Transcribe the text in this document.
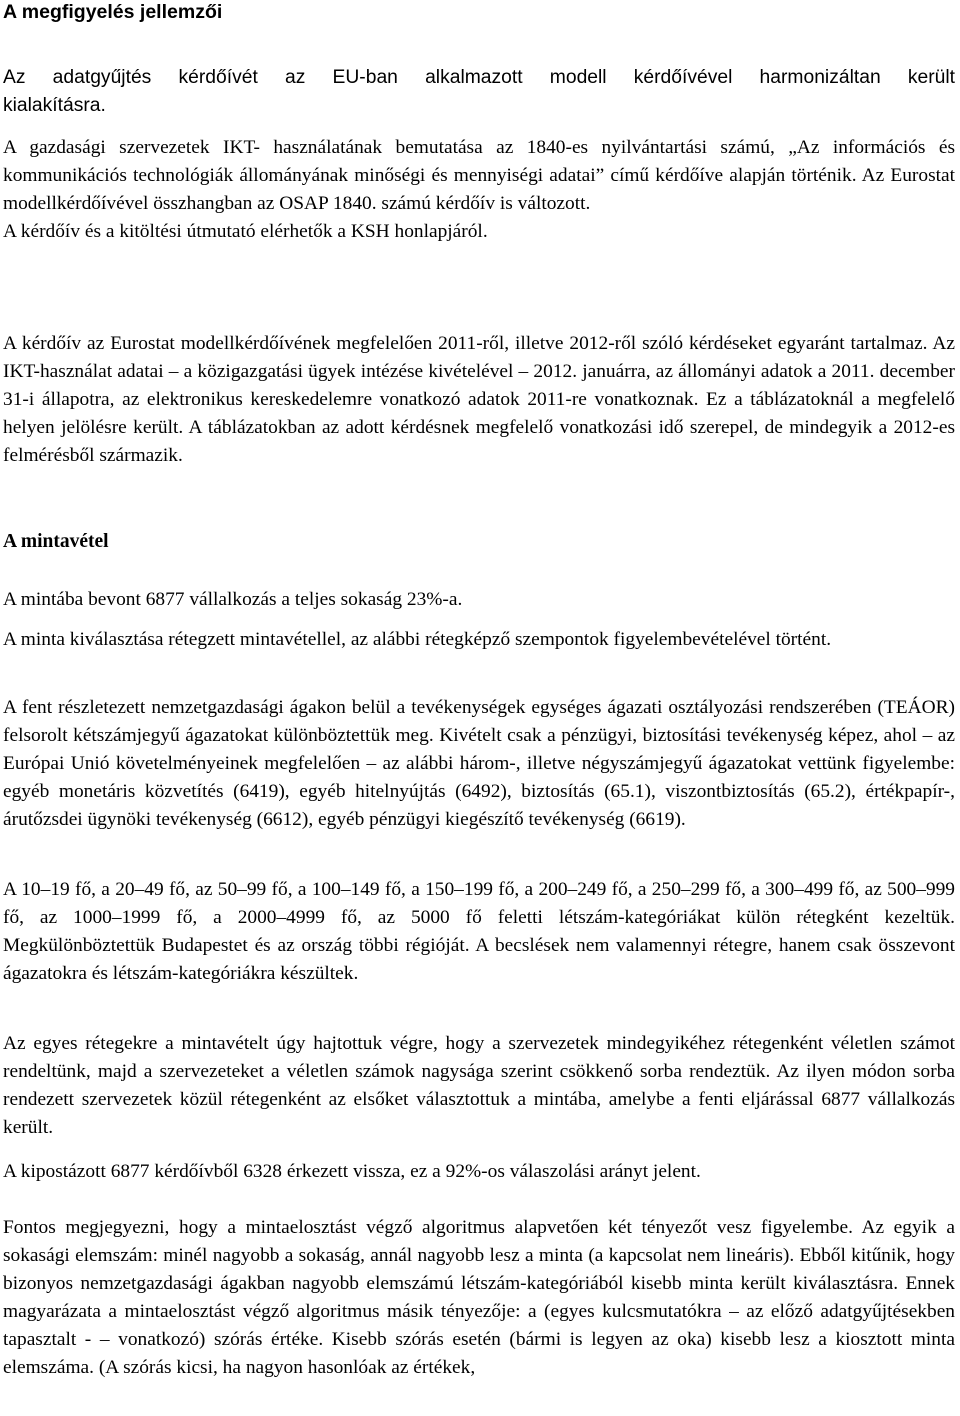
A megfigyelés jellemzői

Az adatgyűjtés kérdőívét az EU-ban alkalmazott modell kérdőívével harmonizáltan került

kialakításra.

A gazdasági szervezetek IKT- használatának bemutatása az 1840-es nyilvántartási számú, „Az információs és kommunikációs technológiák állományának minőségi és mennyiségi adatai” című kérdőíve alapján történik. Az Eurostat modellkérdőívével összhangban az OSAP 1840. számú kérdőív is változott.

A kérdőív és a kitöltési útmutató elérhetők a KSH honlapjáról.

A kérdőív az Eurostat modellkérdőívének megfelelően 2011-ről, illetve 2012-ről szóló kérdéseket egyaránt tartalmaz. Az IKT-használat adatai – a közigazgatási ügyek intézése kivételével – 2012. januárra, az állományi adatok a 2011. december 31-i állapotra, az elektronikus kereskedelemre vonatkozó adatok 2011-re vonatkoznak. Ez a táblázatoknál a megfelelő helyen jelölésre került. A táblázatokban az adott kérdésnek megfelelő vonatkozási idő szerepel, de mindegyik a 2012-es felmérésből származik.

A mintavétel

A mintába bevont 6877 vállalkozás a teljes sokaság 23%-a.

A minta kiválasztása rétegzett mintavétellel, az alábbi rétegképző szempontok figyelembevételével történt.

A fent részletezett nemzetgazdasági ágakon belül a tevékenységek egységes ágazati osztályozási rendszerében (TEÁOR) felsorolt kétszámjegyű ágazatokat különböztettük meg. Kivételt csak a pénzügyi, biztosítási tevékenység képez, ahol – az Európai Unió követelményeinek megfelelően – az alábbi három-, illetve négyszámjegyű ágazatokat vettünk figyelembe: egyéb monetáris közvetítés (6419), egyéb hitelnyújtás (6492), biztosítás (65.1), viszontbiztosítás (65.2), értékpapír-, árutőzsdei ügynöki tevékenység (6612), egyéb pénzügyi kiegészítő tevékenység (6619).

A 10–19 fő, a 20–49 fő, az 50–99 fő, a 100–149 fő, a 150–199 fő, a 200–249 fő, a 250–299 fő, a 300–499 fő, az 500–999 fő, az 1000–1999 fő, a 2000–4999 fő, az 5000 fő feletti létszám-kategóriákat külön rétegként kezeltük. Megkülönböztettük Budapestet és az ország többi régióját. A becslések nem valamennyi rétegre, hanem csak összevont ágazatokra és létszám-kategóriákra készültek.

Az egyes rétegekre a mintavételt úgy hajtottuk végre, hogy a szervezetek mindegyikéhez rétegenként véletlen számot rendeltünk, majd a szervezeteket a véletlen számok nagysága szerint csökkenő sorba rendeztük. Az ilyen módon sorba rendezett szervezetek közül rétegenként az elsőket választottuk a mintába, amelybe a fenti eljárással 6877 vállalkozás került.

A kipostázott 6877 kérdőívből 6328 érkezett vissza, ez a 92%-os válaszolási arányt jelent.

Fontos megjegyezni, hogy a mintaelosztást végző algoritmus alapvetően két tényezőt vesz figyelembe. Az egyik a sokasági elemszám: minél nagyobb a sokaság, annál nagyobb lesz a minta (a kapcsolat nem lineáris). Ebből kitűnik, hogy bizonyos nemzetgazdasági ágakban nagyobb elemszámú létszám-kategóriából kisebb minta került kiválasztásra. Ennek magyarázata a mintaelosztást végző algoritmus másik tényezője: a (egyes kulcsmutatókra – az előző adatgyűjtésekben tapasztalt - – vonatkozó) szórás értéke. Kisebb szórás esetén (bármi is legyen az oka) kisebb lesz a kiosztott minta elemszáma. (A szórás kicsi, ha nagyon hasonlóak az értékek,
